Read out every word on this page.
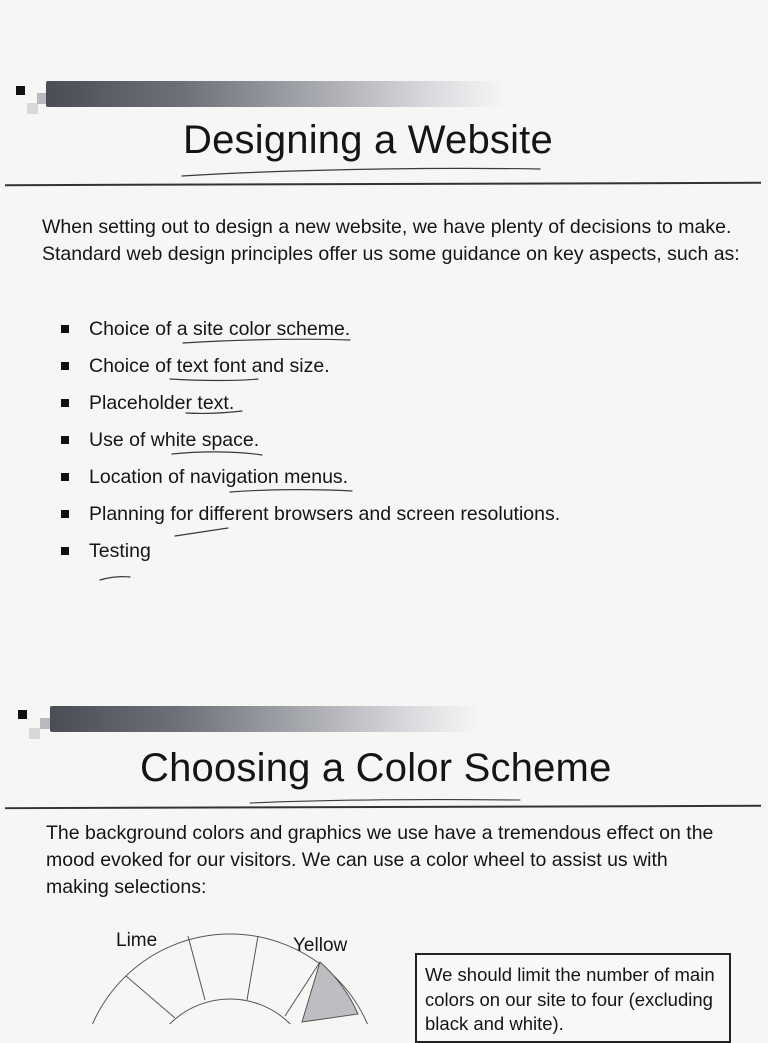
Designing a Website

When setting out to design a new website, we have plenty of decisions to make. Standard web design principles offer us some guidance on key aspects, such as:

Choice of a site color scheme.
Choice of text font and size.
Placeholder text.
Use of white space.
Location of navigation menus.
Planning for different browsers and screen resolutions.
Testing
Choosing a Color Scheme

The background colors and graphics we use have a tremendous effect on the mood evoked for our visitors. We can use a color wheel to assist us with making selections:

Lime	Yellow
We should limit the number of main colors on our site to four (excluding black and white).
